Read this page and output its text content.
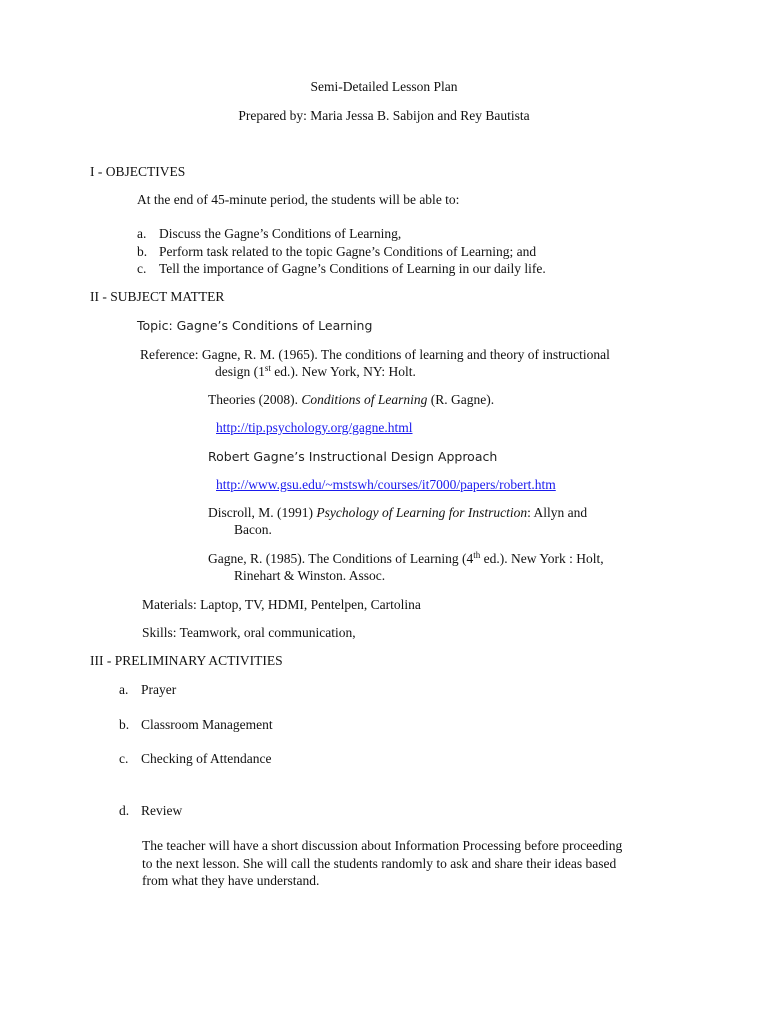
Semi-Detailed Lesson Plan
Prepared by: Maria Jessa B. Sabijon and Rey Bautista
I - OBJECTIVES
At the end of 45-minute period, the students will be able to:
a. Discuss the Gagne’s Conditions of Learning,
b. Perform task related to the topic Gagne’s Conditions of Learning; and
c. Tell the importance of Gagne’s Conditions of Learning in our daily life.
II - SUBJECT MATTER
Topic: Gagne’s Conditions of Learning
Reference: Gagne, R. M. (1965). The conditions of learning and theory of instructional
design (1st ed.). New York, NY: Holt.
Theories (2008). Conditions of Learning (R. Gagne).
http://tip.psychology.org/gagne.html
Robert Gagne’s Instructional Design Approach
http://www.gsu.edu/~mstswh/courses/it7000/papers/robert.htm
Discroll, M. (1991) Psychology of Learning for Instruction: Allyn and
Bacon.
Gagne, R. (1985). The Conditions of Learning (4th ed.). New York : Holt,
Rinehart & Winston. Assoc.
Materials: Laptop, TV, HDMI, Pentelpen, Cartolina
Skills: Teamwork, oral communication,
III - PRELIMINARY ACTIVITIES
a. Prayer
b. Classroom Management
c. Checking of Attendance
d. Review
The teacher will have a short discussion about Information Processing before proceeding
to the next lesson. She will call the students randomly to ask and share their ideas based
from what they have understand.
